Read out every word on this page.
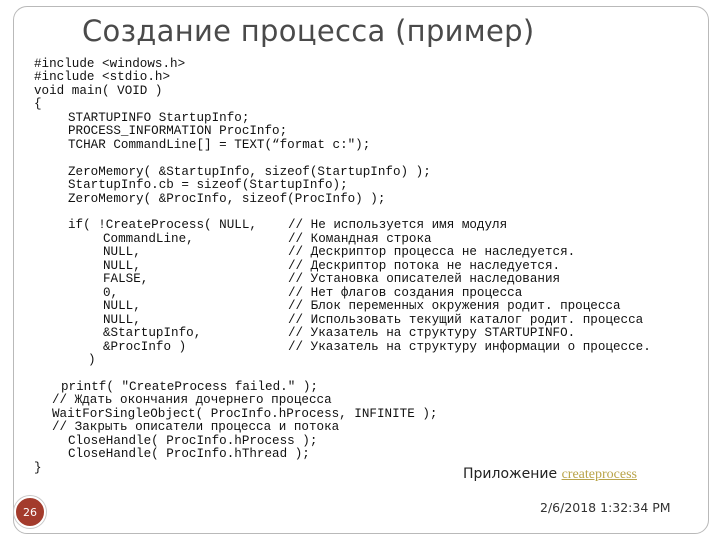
Создание процесса (пример)
#include <windows.h>
#include <stdio.h>
void main( VOID )
{
STARTUPINFO StartupInfo;
PROCESS_INFORMATION ProcInfo;
TCHAR CommandLine[] = TEXT(“format c:");
ZeroMemory( &StartupInfo, sizeof(StartupInfo) );
StartupInfo.cb = sizeof(StartupInfo);
ZeroMemory( &ProcInfo, sizeof(ProcInfo) );
if( !CreateProcess( NULL,
CommandLine,
NULL,
NULL,
FALSE,
0,
NULL,
NULL,
&StartupInfo,
&ProcInfo )
)
// Не используется имя модуля
// Командная строка
// Дескриптор процесса не наследуется.
// Дескриптор потока не наследуется.
// Установка описателей наследования
// Нет флагов создания процесса
// Блок переменных окружения родит. процесса
// Использовать текущий каталог родит. процесса
// Указатель на структуру STARTUPINFO.
// Указатель на структуру информации о процессе.
printf( "CreateProcess failed." );
// Ждать окончания дочернего процесса
WaitForSingleObject( ProcInfo.hProcess, INFINITE );
// Закрыть описатели процесса и потока
CloseHandle( ProcInfo.hProcess );
CloseHandle( ProcInfo.hThread );
}	Приложение createprocess
26	2/6/2018 1:32:34 PM
